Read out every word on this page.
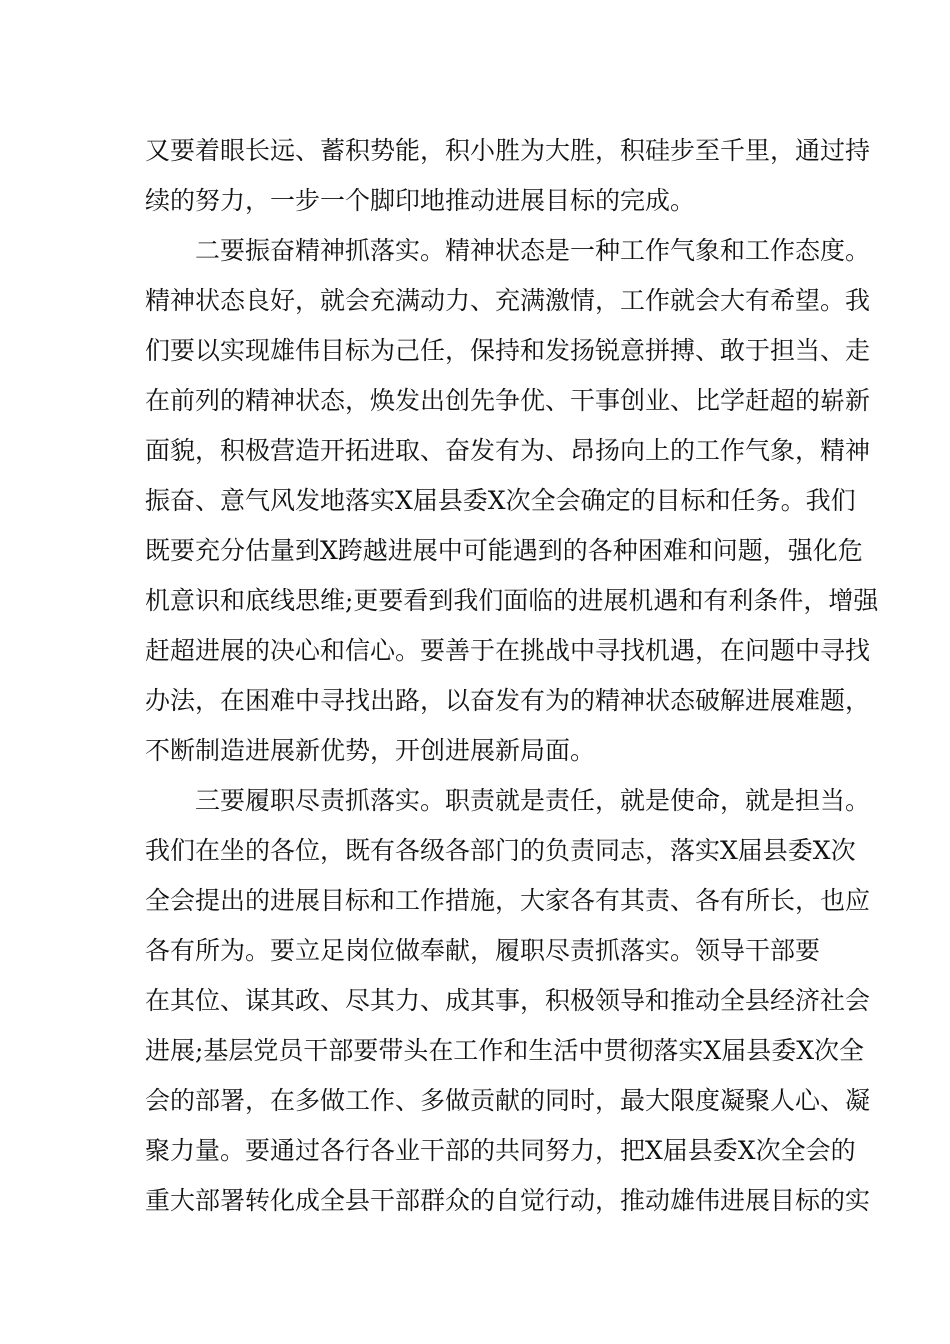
又要着眼长远、蓄积势能，积小胜为大胜，积硅步至千里，通过持
续的努力，一步一个脚印地推动进展目标的完成。
二要振奋精神抓落实。精神状态是一种工作气象和工作态度。
精神状态良好，就会充满动力、充满激情，工作就会大有希望。我
们要以实现雄伟目标为己任，保持和发扬锐意拼搏、敢于担当、走
在前列的精神状态，焕发出创先争优、干事创业、比学赶超的崭新
面貌，积极营造开拓进取、奋发有为、昂扬向上的工作气象，精神
振奋、意气风发地落实X届县委X次全会确定的目标和任务。我们
既要充分估量到X跨越进展中可能遇到的各种困难和问题，强化危
机意识和底线思维;更要看到我们面临的进展机遇和有利条件，增强
赶超进展的决心和信心。要善于在挑战中寻找机遇，在问题中寻找
办法，在困难中寻找出路，以奋发有为的精神状态破解进展难题，
不断制造进展新优势，开创进展新局面。
三要履职尽责抓落实。职责就是责任，就是使命，就是担当。
我们在坐的各位，既有各级各部门的负责同志，落实X届县委X次
全会提出的进展目标和工作措施，大家各有其责、各有所长，也应
各有所为。要立足岗位做奉献，履职尽责抓落实。领导干部要
在其位、谋其政、尽其力、成其事，积极领导和推动全县经济社会
进展;基层党员干部要带头在工作和生活中贯彻落实X届县委X次全
会的部署，在多做工作、多做贡献的同时，最大限度凝聚人心、凝
聚力量。要通过各行各业干部的共同努力，把X届县委X次全会的
重大部署转化成全县干部群众的自觉行动，推动雄伟进展目标的实
